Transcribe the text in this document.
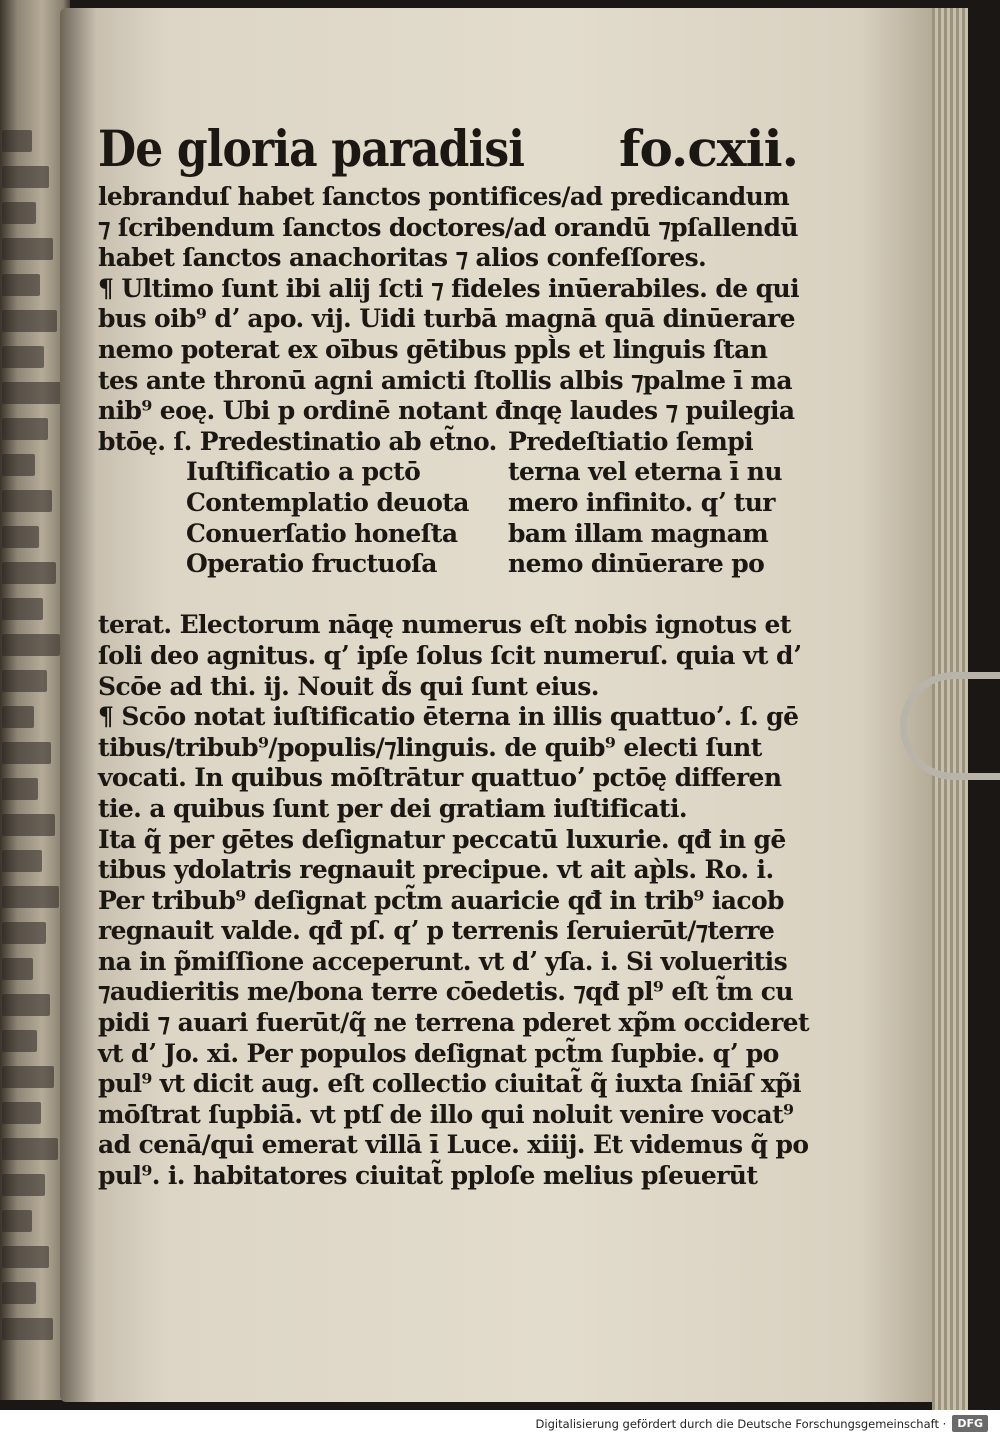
De gloria paradisi fo.cxii.
lebranduſ habet ſanctos pontifices/ad predicandum
⁊ ſcribendum ſanctos doctores/ad orandū ⁊pſallendū
habet ſanctos anachoritas ⁊ alios confeſſores.
¶ Ultimo ſunt ibi alij ſcti ⁊ fideles inūerabiles. de qui
bus oib⁹ dʼ apo. vij. Uidi turbā magnā quā dinūerare
nemo poterat ex oībus gētibus ppl̀s et linguis ſtan
tes ante thronū agni amicti ſtollis albis ⁊palme ī ma
nib⁹ eoę. Ubi p ordinē notant đnqę laudes ⁊ puilegia
btōę. ſ. Predestinatio ab et̃no.
Iuſtificatio a pctō
Contemplatio deuota
Conuerſatio honeſta
Operatio fructuoſa
Predeſtiatio ſempi
terna vel eterna ī nu
mero infinito. qʼ tur
bam illam magnam
nemo dinūerare po
terat. Electorum nāqę numerus eſt nobis ignotus et
ſoli deo agnitus. qʼ ipſe ſolus ſcit numeruſ. quia vt dʼ
Scōe ad thi. ij. Nouit d̃s qui ſunt eius.
¶ Scōo notat iuſtificatio ēterna in illis quattuoʼ. ſ. gē
tibus/tribub⁹/populis/⁊linguis. de quib⁹ electi ſunt
vocati. In quibus mōſtrātur quattuoʼ pctōę differen
tie. a quibus ſunt per dei gratiam iuſtificati.
Ita q̃ per gētes deſignatur peccatū luxurie. qđ in gē
tibus ydolatris regnauit precipue. vt ait ap̀ls. Ro. i.
Per tribub⁹ deſignat pct̃m auaricie qđ in trib⁹ iacob
regnauit valde. qđ pſ. qʼ p terrenis ſeruierūt/⁊terre
na in p̃miſſione acceperunt. vt dʼ yſa. i. Si volueritis
⁊audieritis me/bona terre cōedetis. ⁊qđ pl⁹ eſt t̃m cu
pidi ⁊ auari fuerūt/q̃ ne terrena pderet xp̃m occideret
vt dʼ Jo. xi. Per populos deſignat pct̃m ſupbie. qʼ po
pul⁹ vt dicit aug. eſt collectio ciuitat̃ q̃ iuxta ſniāſ xp̃i
mōſtrat ſupbiā. vt ptſ de illo qui noluit venire vocat⁹
ad cenā/qui emerat villā ī Luce. xiiij. Et videmus q̃ po
pul⁹. i. habitatores ciuitat̃ pploſe melius pſeuerūt
Digitalisierung gefördert durch die Deutsche Forschungsgemeinschaft ·	DFG
